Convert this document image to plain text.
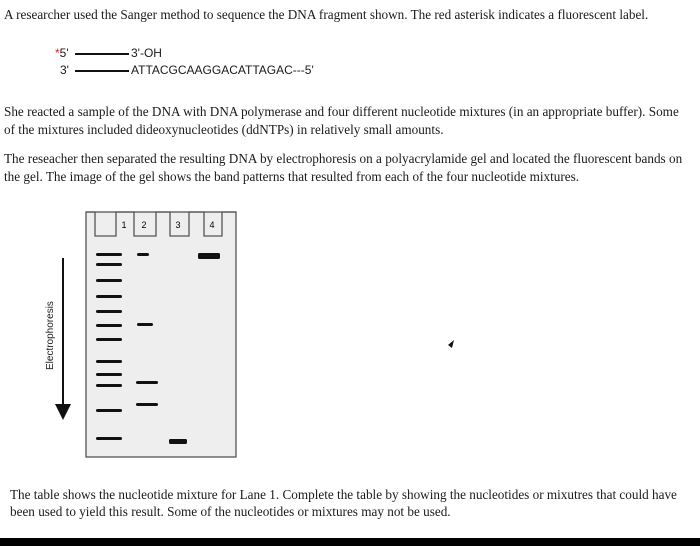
A researcher used the Sanger method to sequence the DNA fragment shown. The red asterisk indicates a fluorescent label.
*5'	3'-OH
3'	ATTACGCAAGGACATTAGAC---5'
She reacted a sample of the DNA with DNA polymerase and four different nucleotide mixtures (in an appropriate buffer). Some
of the mixtures included dideoxynucleotides (ddNTPs) in relatively small amounts.
The reseacher then separated the resulting DNA by electrophoresis on a polyacrylamide gel and located the fluorescent bands on
the gel. The image of the gel shows the band patterns that resulted from each of the four nucleotide mixtures.
1 2	3	4
Electrophoresis
The table shows the nucleotide mixture for Lane 1. Complete the table by showing the nucleotides or mixutres that could have
been used to yield this result. Some of the nucleotides or mixtures may not be used.
